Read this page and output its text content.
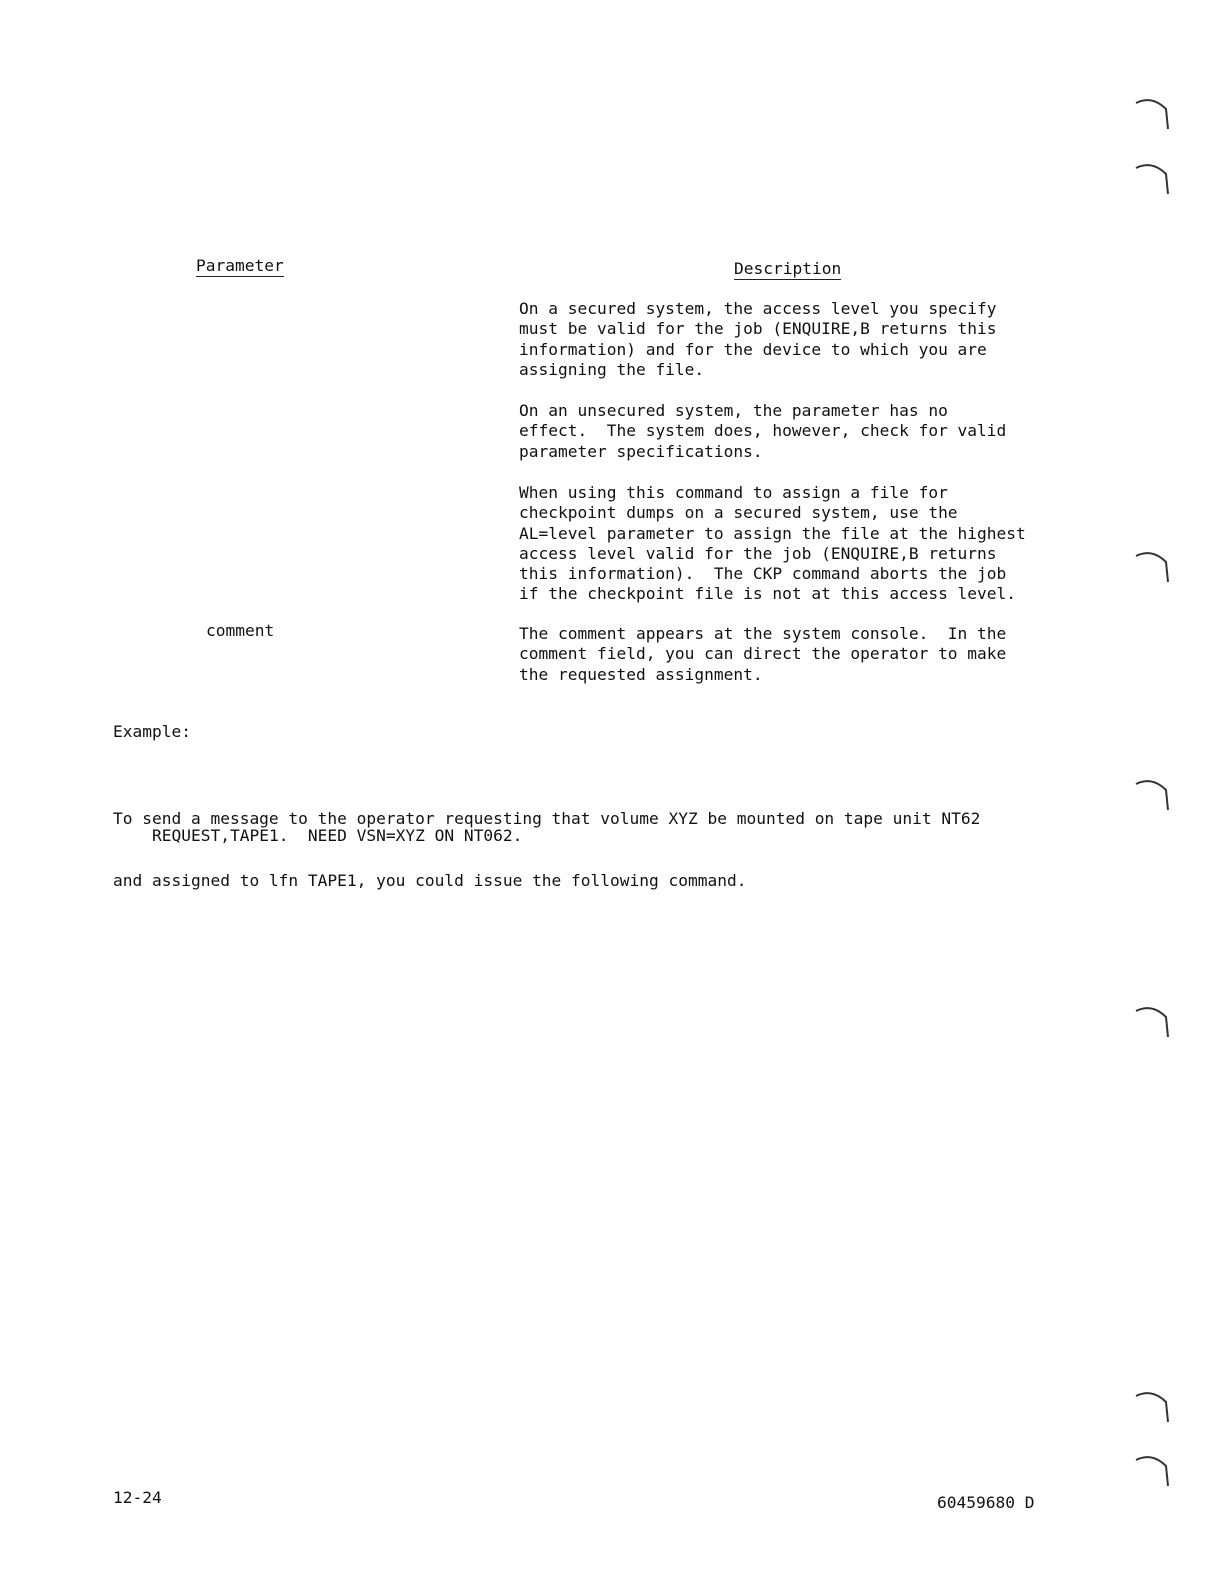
Parameter	Description
On a secured system, the access level you specify
must be valid for the job (ENQUIRE,B returns this
information) and for the device to which you are
assigning the file.
On an unsecured system, the parameter has no
effect.  The system does, however, check for valid
parameter specifications.
When using this command to assign a file for
checkpoint dumps on a secured system, use the
AL=level parameter to assign the file at the highest
access level valid for the job (ENQUIRE,B returns
this information).  The CKP command aborts the job
if the checkpoint file is not at this access level.
comment	The comment appears at the system console.  In the
comment field, you can direct the operator to make
the requested assignment.
Example:

To send a message to the operator requesting that volume XYZ be mounted on tape unit NT62

and assigned to lfn TAPE1, you could issue the following command.

REQUEST,TAPE1.  NEED VSN=XYZ ON NT062.
12-24	60459680 D
